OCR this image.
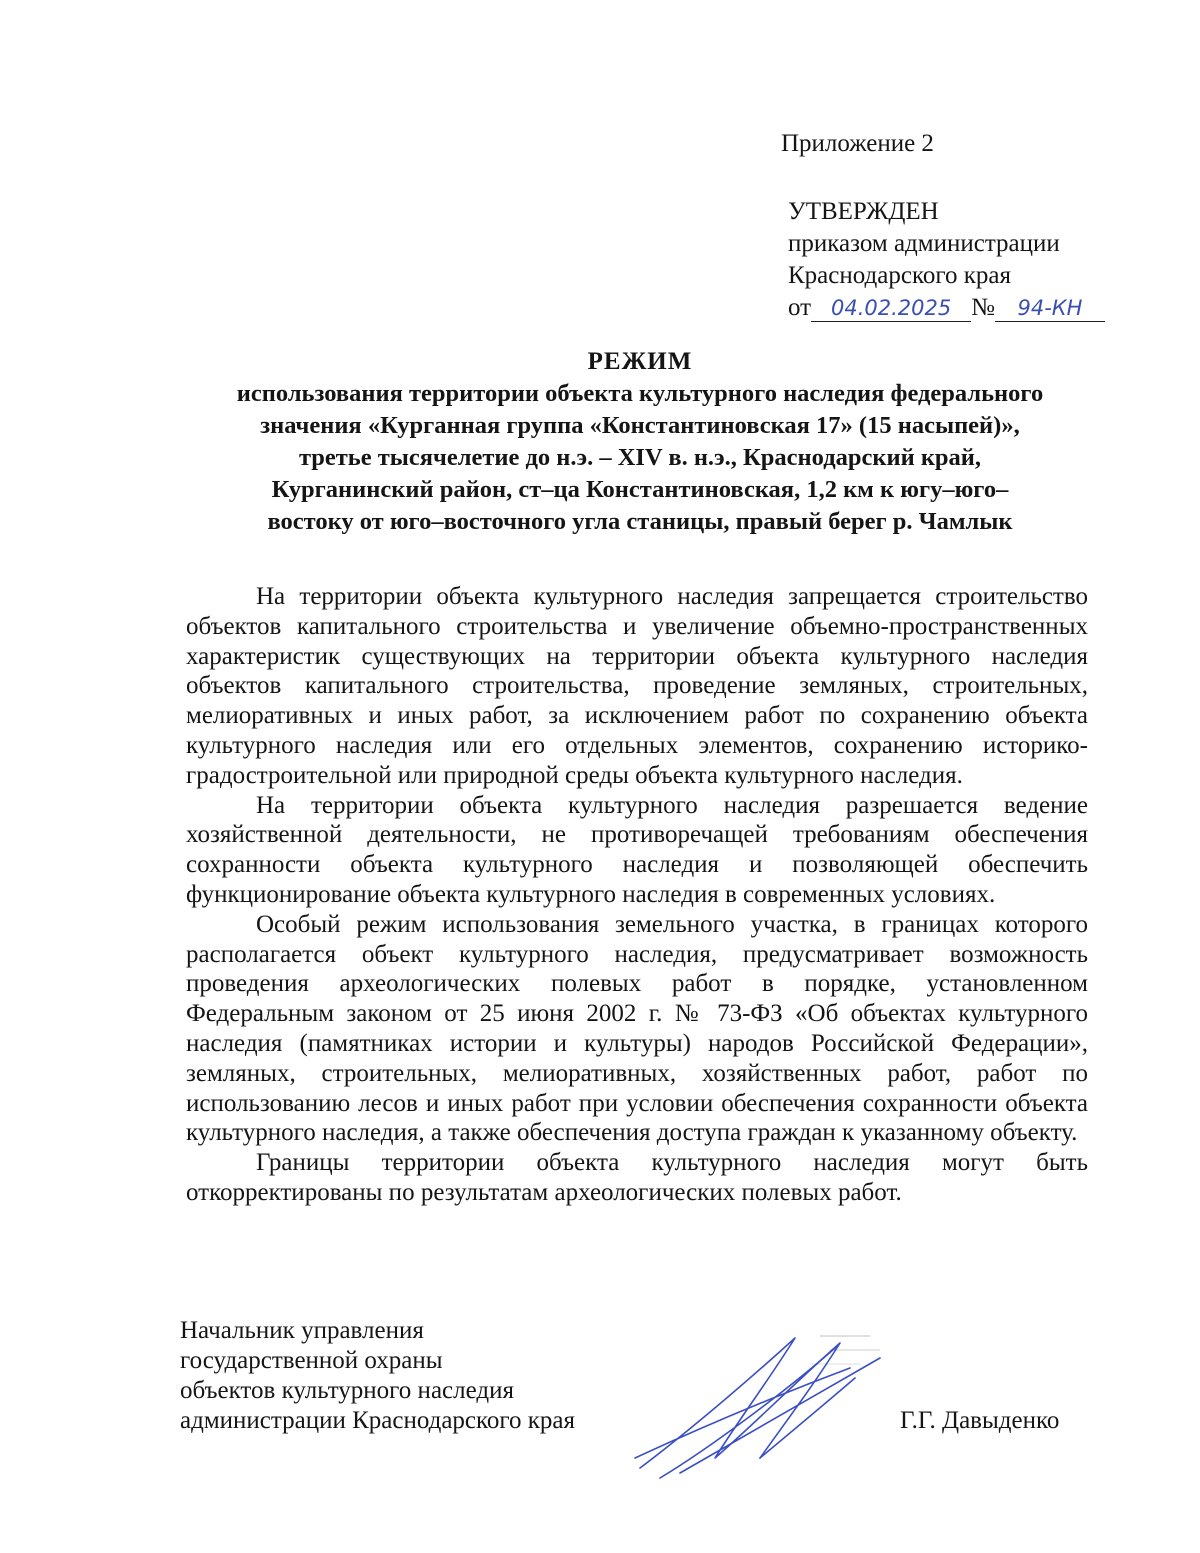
Приложение 2
УТВЕРЖДЕН
приказом администрации
Краснодарского края
от 04.02.2025 № 94-КН
РЕЖИМ
использования территории объекта культурного наследия федерального
значения «Курганная группа «Константиновская 17» (15 насыпей)»,
третье тысячелетие до н.э. – XIV в. н.э., Краснодарский край,
Курганинский район, ст–ца Константиновская, 1,2 км к югу–юго–
востоку от юго–восточного угла станицы, правый берег р. Чамлык

На территории объекта культурного наследия запрещается строительство объектов капитального строительства и увеличение объемно-пространственных характеристик существующих на территории объекта культурного наследия объектов капитального строительства, проведение земляных, строительных, мелиоративных и иных работ, за исключением работ по сохранению объекта культурного наследия или его отдельных элементов, сохранению историко-градостроительной или природной среды объекта культурного наследия.

На территории объекта культурного наследия разрешается ведение хозяйственной деятельности, не противоречащей требованиям обеспечения сохранности объекта культурного наследия и позволяющей обеспечить функционирование объекта культурного наследия в современных условиях.

Особый режим использования земельного участка, в границах которого располагается объект культурного наследия, предусматривает возможность проведения археологических полевых работ в порядке, установленном Федеральным законом от 25 июня 2002 г. № 73-ФЗ «Об объектах культурного наследия (памятниках истории и культуры) народов Российской Федерации», земляных, строительных, мелиоративных, хозяйственных работ, работ по использованию лесов и иных работ при условии обеспечения сохранности объекта культурного наследия, а также обеспечения доступа граждан к указанному объекту.

Границы территории объекта культурного наследия могут быть откорректированы по результатам археологических полевых работ.

Начальник управления
государственной охраны
объектов культурного наследия
администрации Краснодарского края	Г.Г. Давыденко
